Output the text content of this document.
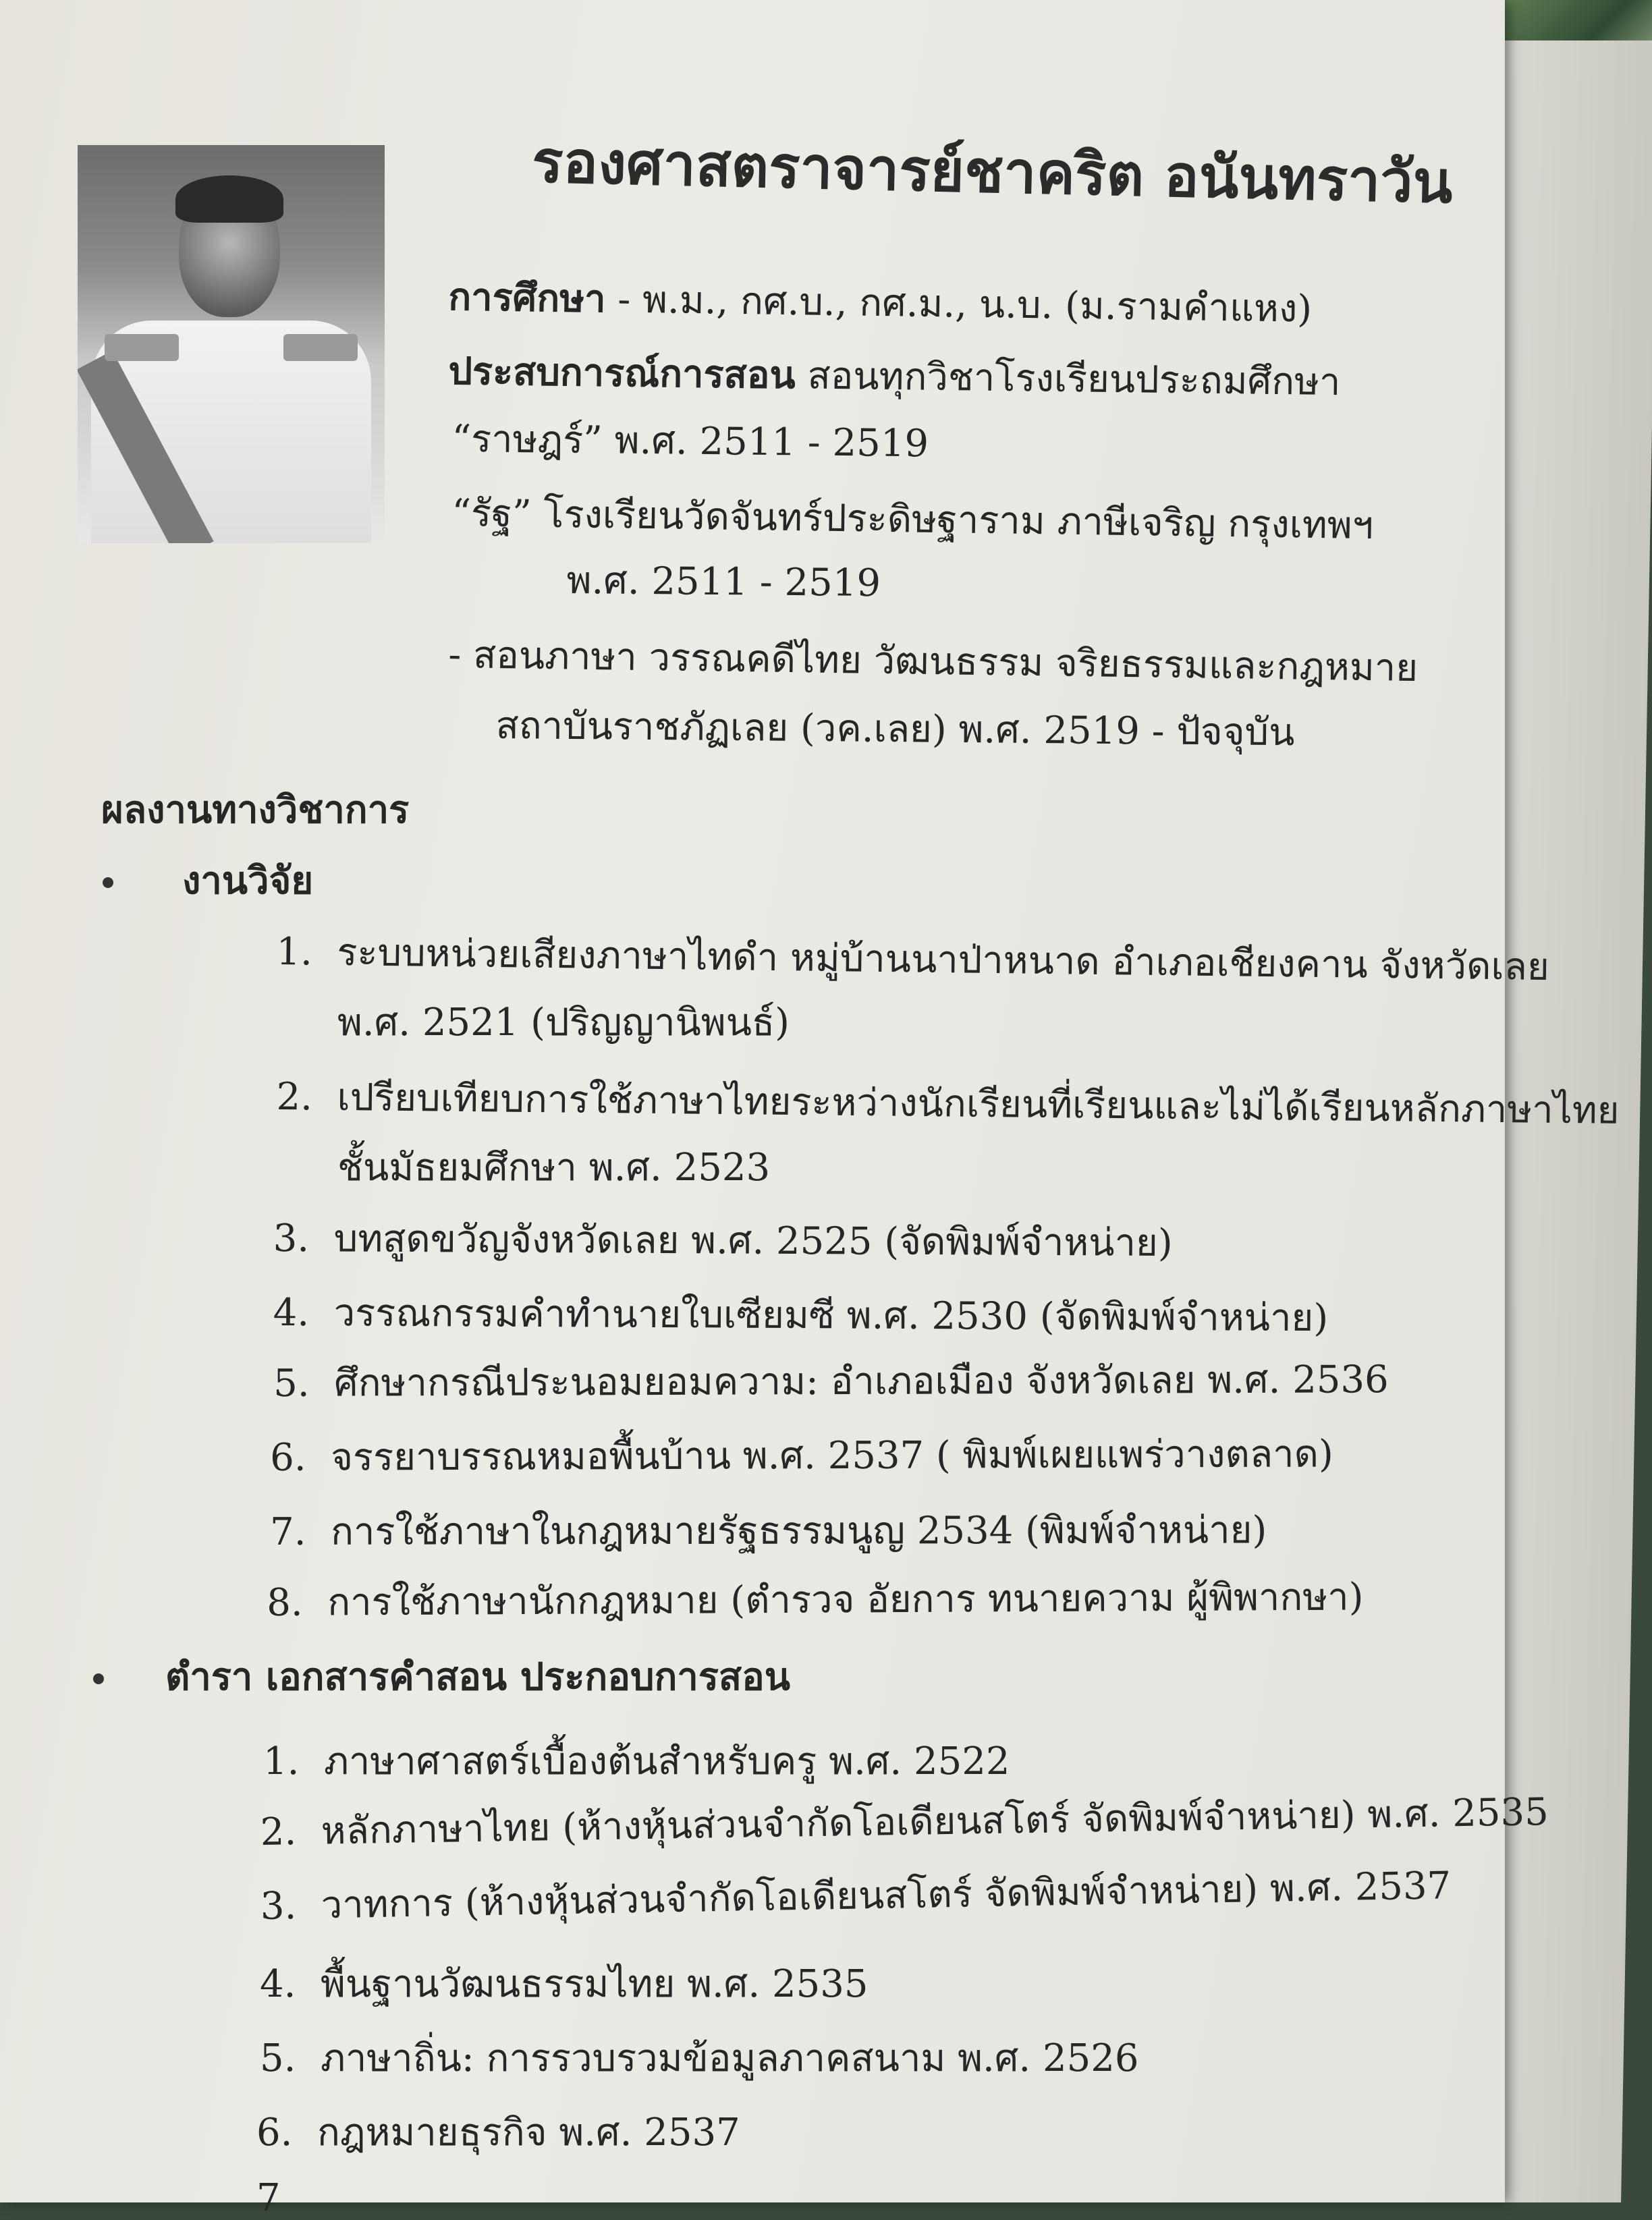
รองศาสตราจารย์ชาคริต อนันทราวัน
การศึกษา - พ.ม., กศ.บ., กศ.ม., น.บ. (ม.รามคำแหง)
ประสบการณ์การสอน สอนทุกวิชาโรงเรียนประถมศึกษา
“ราษฎร์” พ.ศ. 2511 - 2519
“รัฐ” โรงเรียนวัดจันทร์ประดิษฐาราม ภาษีเจริญ กรุงเทพฯ
พ.ศ. 2511 - 2519
- สอนภาษา วรรณคดีไทย วัฒนธรรม จริยธรรมและกฎหมาย
สถาบันราชภัฏเลย (วค.เลย) พ.ศ. 2519 - ปัจจุบัน
ผลงานทางวิชาการ
งานวิจัย
1. ระบบหน่วยเสียงภาษาไทดำ หมู่บ้านนาป่าหนาด อำเภอเชียงคาน จังหวัดเลย
พ.ศ. 2521 (ปริญญานิพนธ์)
2. เปรียบเทียบการใช้ภาษาไทยระหว่างนักเรียนที่เรียนและไม่ได้เรียนหลักภาษาไทย
ชั้นมัธยมศึกษา พ.ศ. 2523
3. บทสูดขวัญจังหวัดเลย พ.ศ. 2525 (จัดพิมพ์จำหน่าย)
4. วรรณกรรมคำทำนายใบเซียมซี พ.ศ. 2530 (จัดพิมพ์จำหน่าย)
5. ศึกษากรณีประนอมยอมความ: อำเภอเมือง จังหวัดเลย พ.ศ. 2536
6. จรรยาบรรณหมอพื้นบ้าน พ.ศ. 2537 ( พิมพ์เผยแพร่วางตลาด)
7. การใช้ภาษาในกฎหมายรัฐธรรมนูญ 2534 (พิมพ์จำหน่าย)
8. การใช้ภาษานักกฎหมาย (ตำรวจ อัยการ ทนายความ ผู้พิพากษา)
ตำรา เอกสารคำสอน ประกอบการสอน
1. ภาษาศาสตร์เบื้องต้นสำหรับครู พ.ศ. 2522
2. หลักภาษาไทย (ห้างหุ้นส่วนจำกัดโอเดียนสโตร์ จัดพิมพ์จำหน่าย) พ.ศ. 2535
3. วาทการ (ห้างหุ้นส่วนจำกัดโอเดียนสโตร์ จัดพิมพ์จำหน่าย) พ.ศ. 2537
4. พื้นฐานวัฒนธรรมไทย พ.ศ. 2535
5. ภาษาถิ่น: การรวบรวมข้อมูลภาคสนาม พ.ศ. 2526
6. กฎหมายธุรกิจ พ.ศ. 2537
7
